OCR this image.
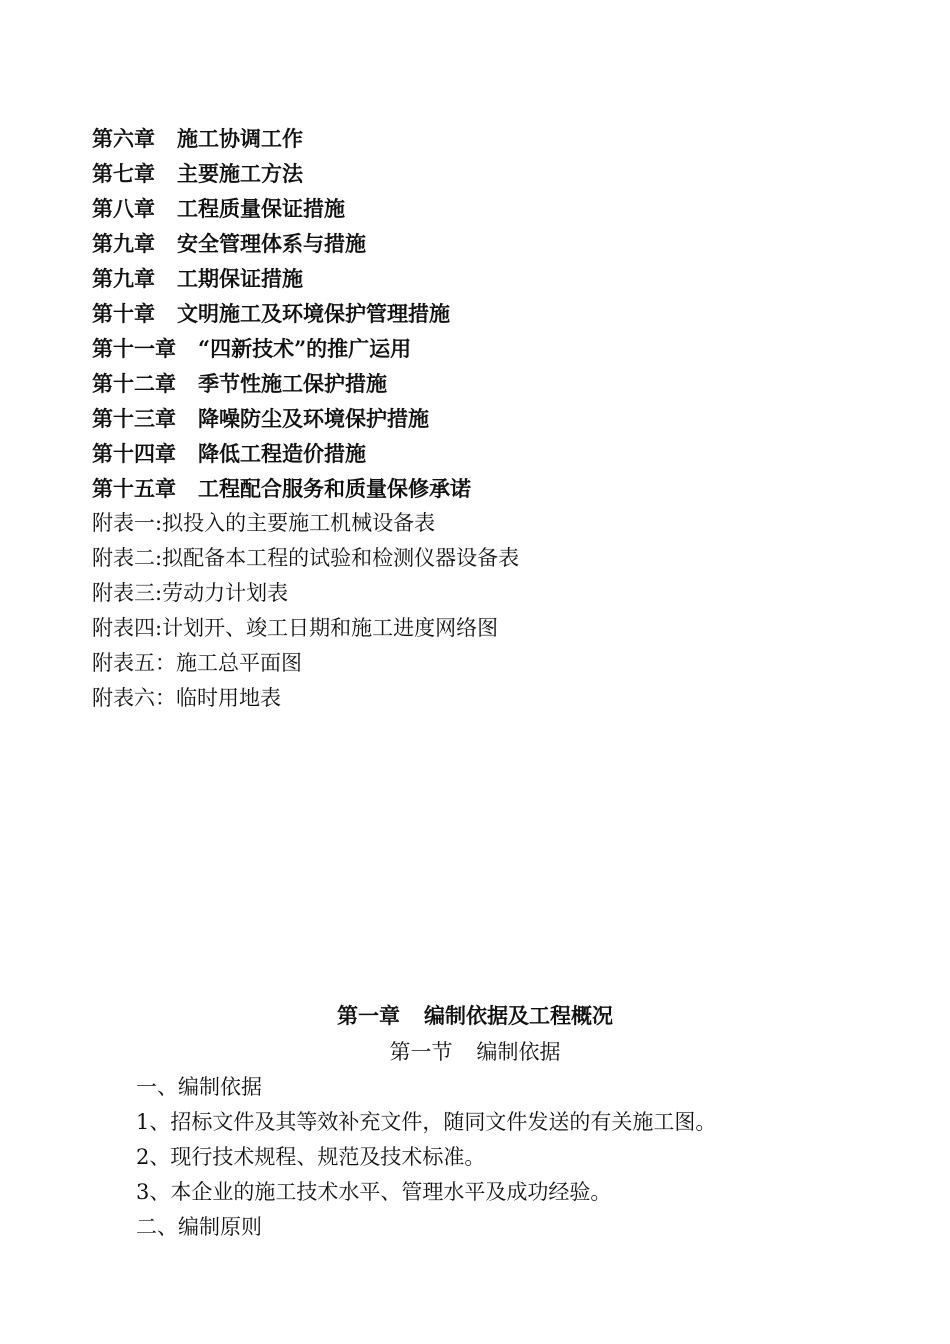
第六章 施工协调工作
第七章 主要施工方法
第八章 工程质量保证措施
第九章 安全管理体系与措施
第九章 工期保证措施
第十章 文明施工及环境保护管理措施
第十一章 “四新技术”的推广运用
第十二章 季节性施工保护措施
第十三章 降噪防尘及环境保护措施
第十四章 降低工程造价措施
第十五章 工程配合服务和质量保修承诺
附表一:拟投入的主要施工机械设备表
附表二:拟配备本工程的试验和检测仪器设备表
附表三:劳动力计划表
附表四:计划开、竣工日期和施工进度网络图
附表五：施工总平面图
附表六：临时用地表
第一章 编制依据及工程概况
第一节 编制依据
一、编制依据
1、招标文件及其等效补充文件，随同文件发送的有关施工图。
2、现行技术规程、规范及技术标准。
3、本企业的施工技术水平、管理水平及成功经验。
二、编制原则
